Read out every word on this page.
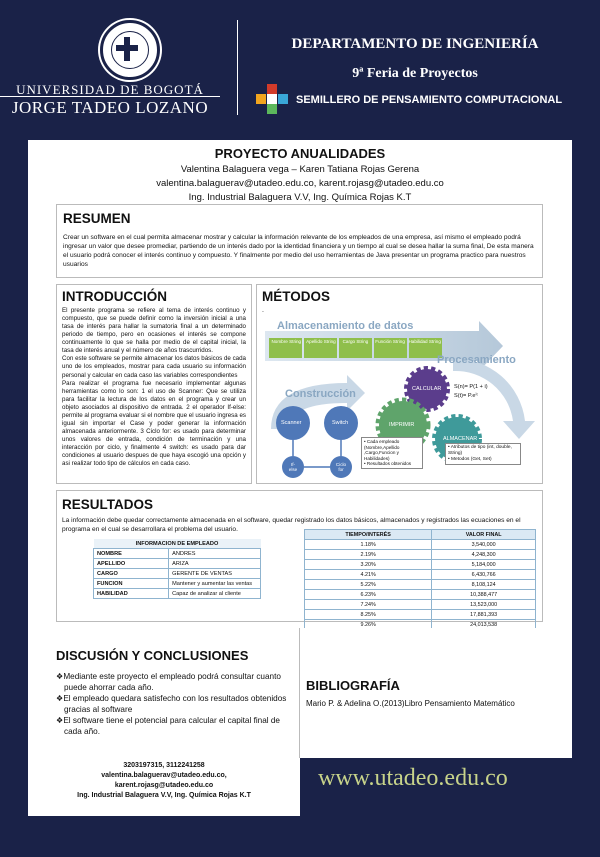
UNIVERSIDAD DE BOGOTÁ
JORGE TADEO LOZANO
DEPARTAMENTO DE INGENIERÍA
9ª Feria de Proyectos
SEMILLERO DE PENSAMIENTO COMPUTACIONAL
PROYECTO ANUALIDADES
Valentina Balaguera vega – Karen Tatiana Rojas Gerena
valentina.balaguerav@utadeo.edu.co, karent.rojasg@utadeo.edu.co
Ing. Industrial Balaguera V.V, Ing. Química Rojas K.T
RESUMEN
Crear un software en el cual permita almacenar mostrar y calcular la información relevante de los empleados de una empresa, así mismo el empleado podrá ingresar un valor que desee promediar, partiendo de un interés dado por la identidad financiera y un tiempo al cual se desea hallar la suma final, De esta manera el usuario podrá conocer el interés continuo y compuesto. Y finalmente por medio del uso herramientas de Java presentar un programa practico para nuestros usuarios
INTRODUCCIÓN
El presente programa se refiere al tema de interés continuo y compuesto, que se puede definir como la inversión inicial a una tasa de interés para hallar la sumatoria final a un determinado periodo de tiempo, pero en ocasiones el interés se compone continuamente lo que se halla por medio de el capital inicial, la tasa de interés anual y el número de años trascurridos.
Con este software se permite almacenar los datos básicos de cada uno de los empleados, mostrar para cada usuario su información personal y calcular en cada caso las variables correspondientes
Para realizar el programa fue necesario implementar algunas herramientas como lo son: 1 el uso de Scanner: Que se utiliza para facilitar la lectura de los datos en el programa y crear un objeto asociados al dispositivo de entrada. 2 el operador If-else: permite al programa evaluar si el nombre que el usuario ingresa es igual sin importar el Case y poder generar la información almacenada anteriormente. 3 Ciclo for: es usado para determinar unos valores de entrada, condición de terminación y una interacción por ciclo, y finalmente 4 switch: es usado para dar condiciones al usuario despues de que haya escogió una opción y asi realizar todo tipo de cálculos en cada caso.
MÉTODOS
.
Almacenamiento de datos
Construcción
Procesamiento
Nombre String	Apellido String	Cargo String	Función String Habilidad String
CALCULAR S(n)= P(1 + i)
S(t)= P.eⁱᵗ
IMPRIMIR
ALMACENAR
• Cada empleado (Nombre,Apellido ,Cargo,Funcion y Habilidades)
• Resultados obtenidos
• Atributos de tipo (int, double, String)
• Metodos (Get, Set)
Scanner	Switch
If-else
Ciclo for
RESULTADOS
La información debe quedar correctamente almacenada en el software, quedar registrado los datos básicos, almacenados y registrados las ecuaciones en el programa en el cual se desarrollara el problema del usuario.
INFORMACION DE EMPLEADO	
NOMBRE	ANDRES
APELLIDO	ARIZA
CARGO	GERENTE DE VENTAS
FUNCION	Mantener y aumentar las ventas
HABILIDAD	Capaz de analizar al cliente
TIEMPO/INTERÉS	VALOR FINAL
1.18%	3,540,000
2.19%	4,248,300
3.20%	5,184,000
4.21%	6,430,766
5.22%	8,108,124
6.23%	10,388,477
7.24%	13,523,000
8.25%	17,881,393
9.26%	24,013,538

DISCUSIÓN Y CONCLUSIONES
❖Mediante este proyecto el empleado podrá consultar cuanto puede ahorrar cada año.
❖El empleado quedara satisfecho con los resultados obtenidos gracias al software
❖El software tiene el potencial para calcular el capital final de cada año.
BIBLIOGRAFÍA
Mario P. & Adelina O.(2013)Libro Pensamiento Matemático
3203197315, 3112241258
valentina.balaguerav@utadeo.edu.co,
karent.rojasg@utadeo.edu.co
Ing. Industrial Balaguera V.V, Ing. Química Rojas K.T
www.utadeo.edu.co
